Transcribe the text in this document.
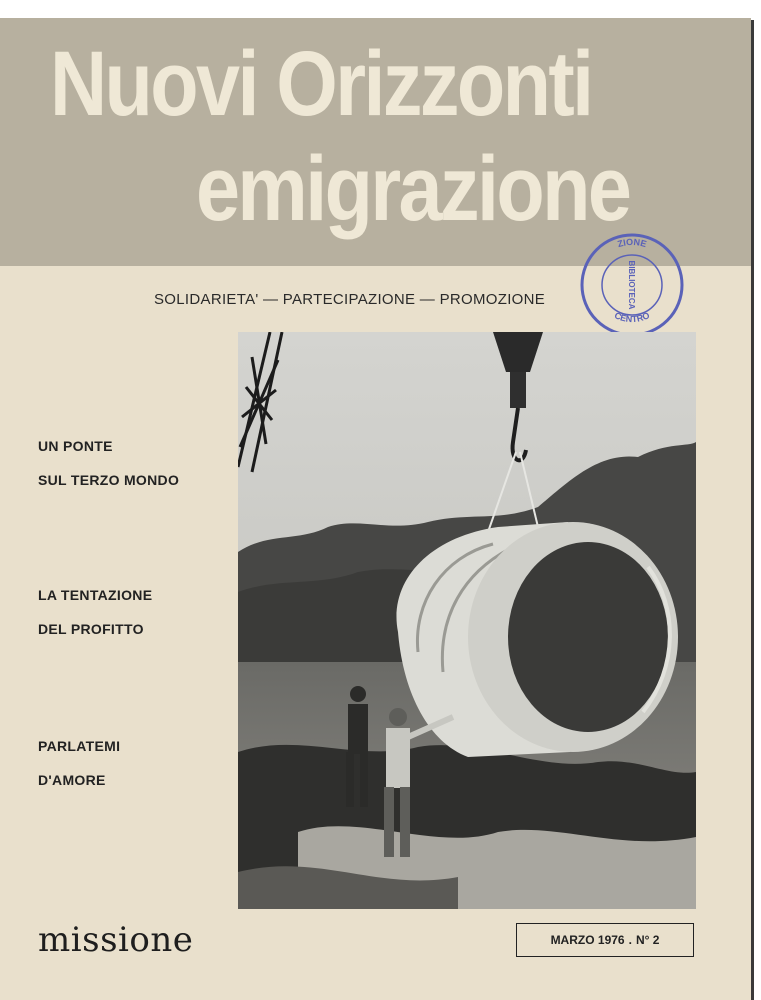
Nuovi Orizzonti
emigrazione
SOLIDARIETA' — PARTECIPAZIONE — PROMOZIONE
ZIONE
BIBLIOTECA
CENTRO
UN PONTE
SUL TERZO MONDO
LA TENTAZIONE
DEL PROFITTO
PARLATEMI
D'AMORE
missione	MARZO 1976 . N° 2
